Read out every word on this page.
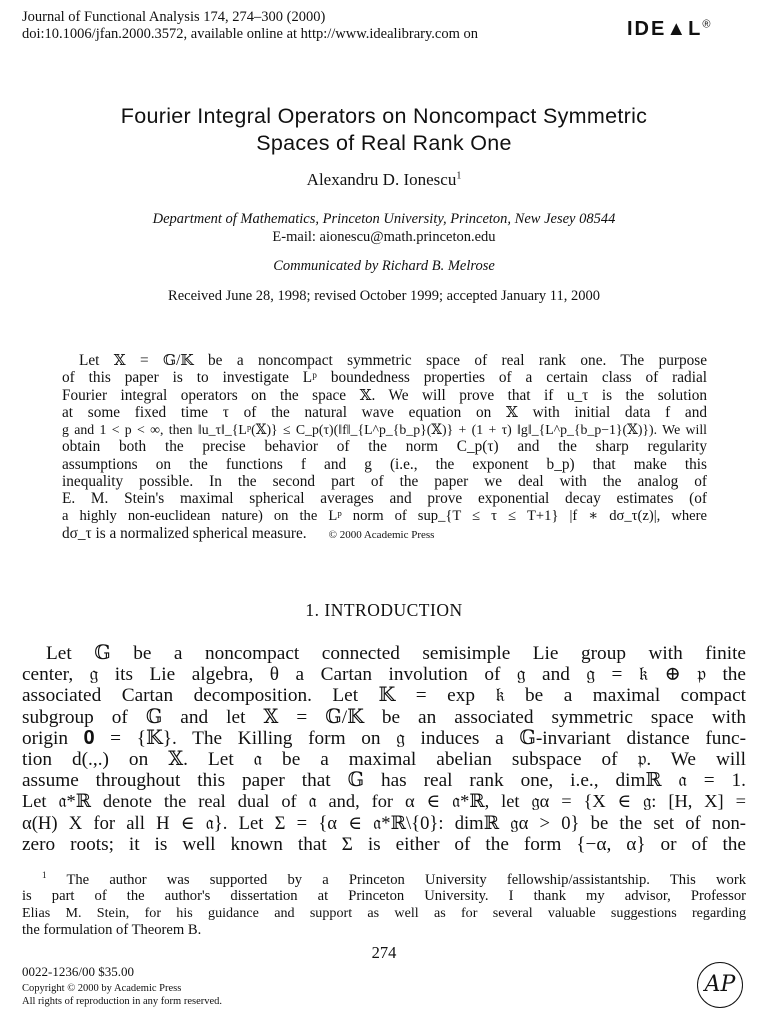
Journal of Functional Analysis 174, 274–300 (2000)
doi:10.1006/jfan.2000.3572, available online at http://www.idealibrary.com on	IDE▲L®
Fourier Integral Operators on Noncompact Symmetric
Spaces of Real Rank One
Alexandru D. Ionescu$^1$
Department of Mathematics, Princeton University, Princeton, New Jesey 08544
E-mail: aionescu@math.princeton.edu
Communicated by Richard B. Melrose
Received June 28, 1998; revised October 1999; accepted January 11, 2000
Let 𝕏 = 𝔾/𝕂 be a noncompact symmetric space of real rank one. The purpose
of this paper is to investigate Lᵖ boundedness properties of a certain class of radial
Fourier integral operators on the space 𝕏. We will prove that if u_τ is the solution
at some fixed time τ of the natural wave equation on 𝕏 with initial data f and
g and 1 < p < ∞, then ‖u_τ‖_{Lᵖ(𝕏)} ≤ C_p(τ)(‖f‖_{L^p_{b_p}(𝕏)} + (1 + τ) ‖g‖_{L^p_{b_p−1}(𝕏)}). We will
obtain both the precise behavior of the norm C_p(τ) and the sharp regularity
assumptions on the functions f and g (i.e., the exponent b_p) that make this
inequality possible. In the second part of the paper we deal with the analog of
E. M. Stein's maximal spherical averages and prove exponential decay estimates (of
a highly non-euclidean nature) on the Lᵖ norm of sup_{T ≤ τ ≤ T+1} |f ∗ dσ_τ(z)|, where
dσ_τ is a normalized spherical measure. © 2000 Academic Press
1. INTRODUCTION
Let 𝔾 be a noncompact connected semisimple Lie group with finite
center, 𝔤 its Lie algebra, θ a Cartan involution of 𝔤 and 𝔤 = 𝔨 ⊕ 𝔭 the
associated Cartan decomposition. Let 𝕂 = exp 𝔨 be a maximal compact
subgroup of 𝔾 and let 𝕏 = 𝔾/𝕂 be an associated symmetric space with
origin 𝟎 = {𝕂}. The Killing form on 𝔤 induces a 𝔾-invariant distance func-
tion d(.,.) on 𝕏. Let 𝔞 be a maximal abelian subspace of 𝔭. We will
assume throughout this paper that 𝔾 has real rank one, i.e., dimℝ 𝔞 = 1.
Let 𝔞*ℝ denote the real dual of 𝔞 and, for α ∈ 𝔞*ℝ, let 𝔤α = {X ∈ 𝔤: [H, X] =
α(H) X for all H ∈ 𝔞}. Let Σ = {α ∈ 𝔞*ℝ\{0}: dimℝ 𝔤α > 0} be the set of non-
zero roots; it is well known that Σ is either of the form {−α, α} or of the
$^1$ The author was supported by a Princeton University fellowship/assistantship. This work
is part of the author's dissertation at Princeton University. I thank my advisor, Professor
Elias M. Stein, for his guidance and support as well as for several valuable suggestions regarding
the formulation of Theorem B.
274
0022-1236/00 $35.00
Copyright © 2000 by Academic Press
All rights of reproduction in any form reserved.
AP
